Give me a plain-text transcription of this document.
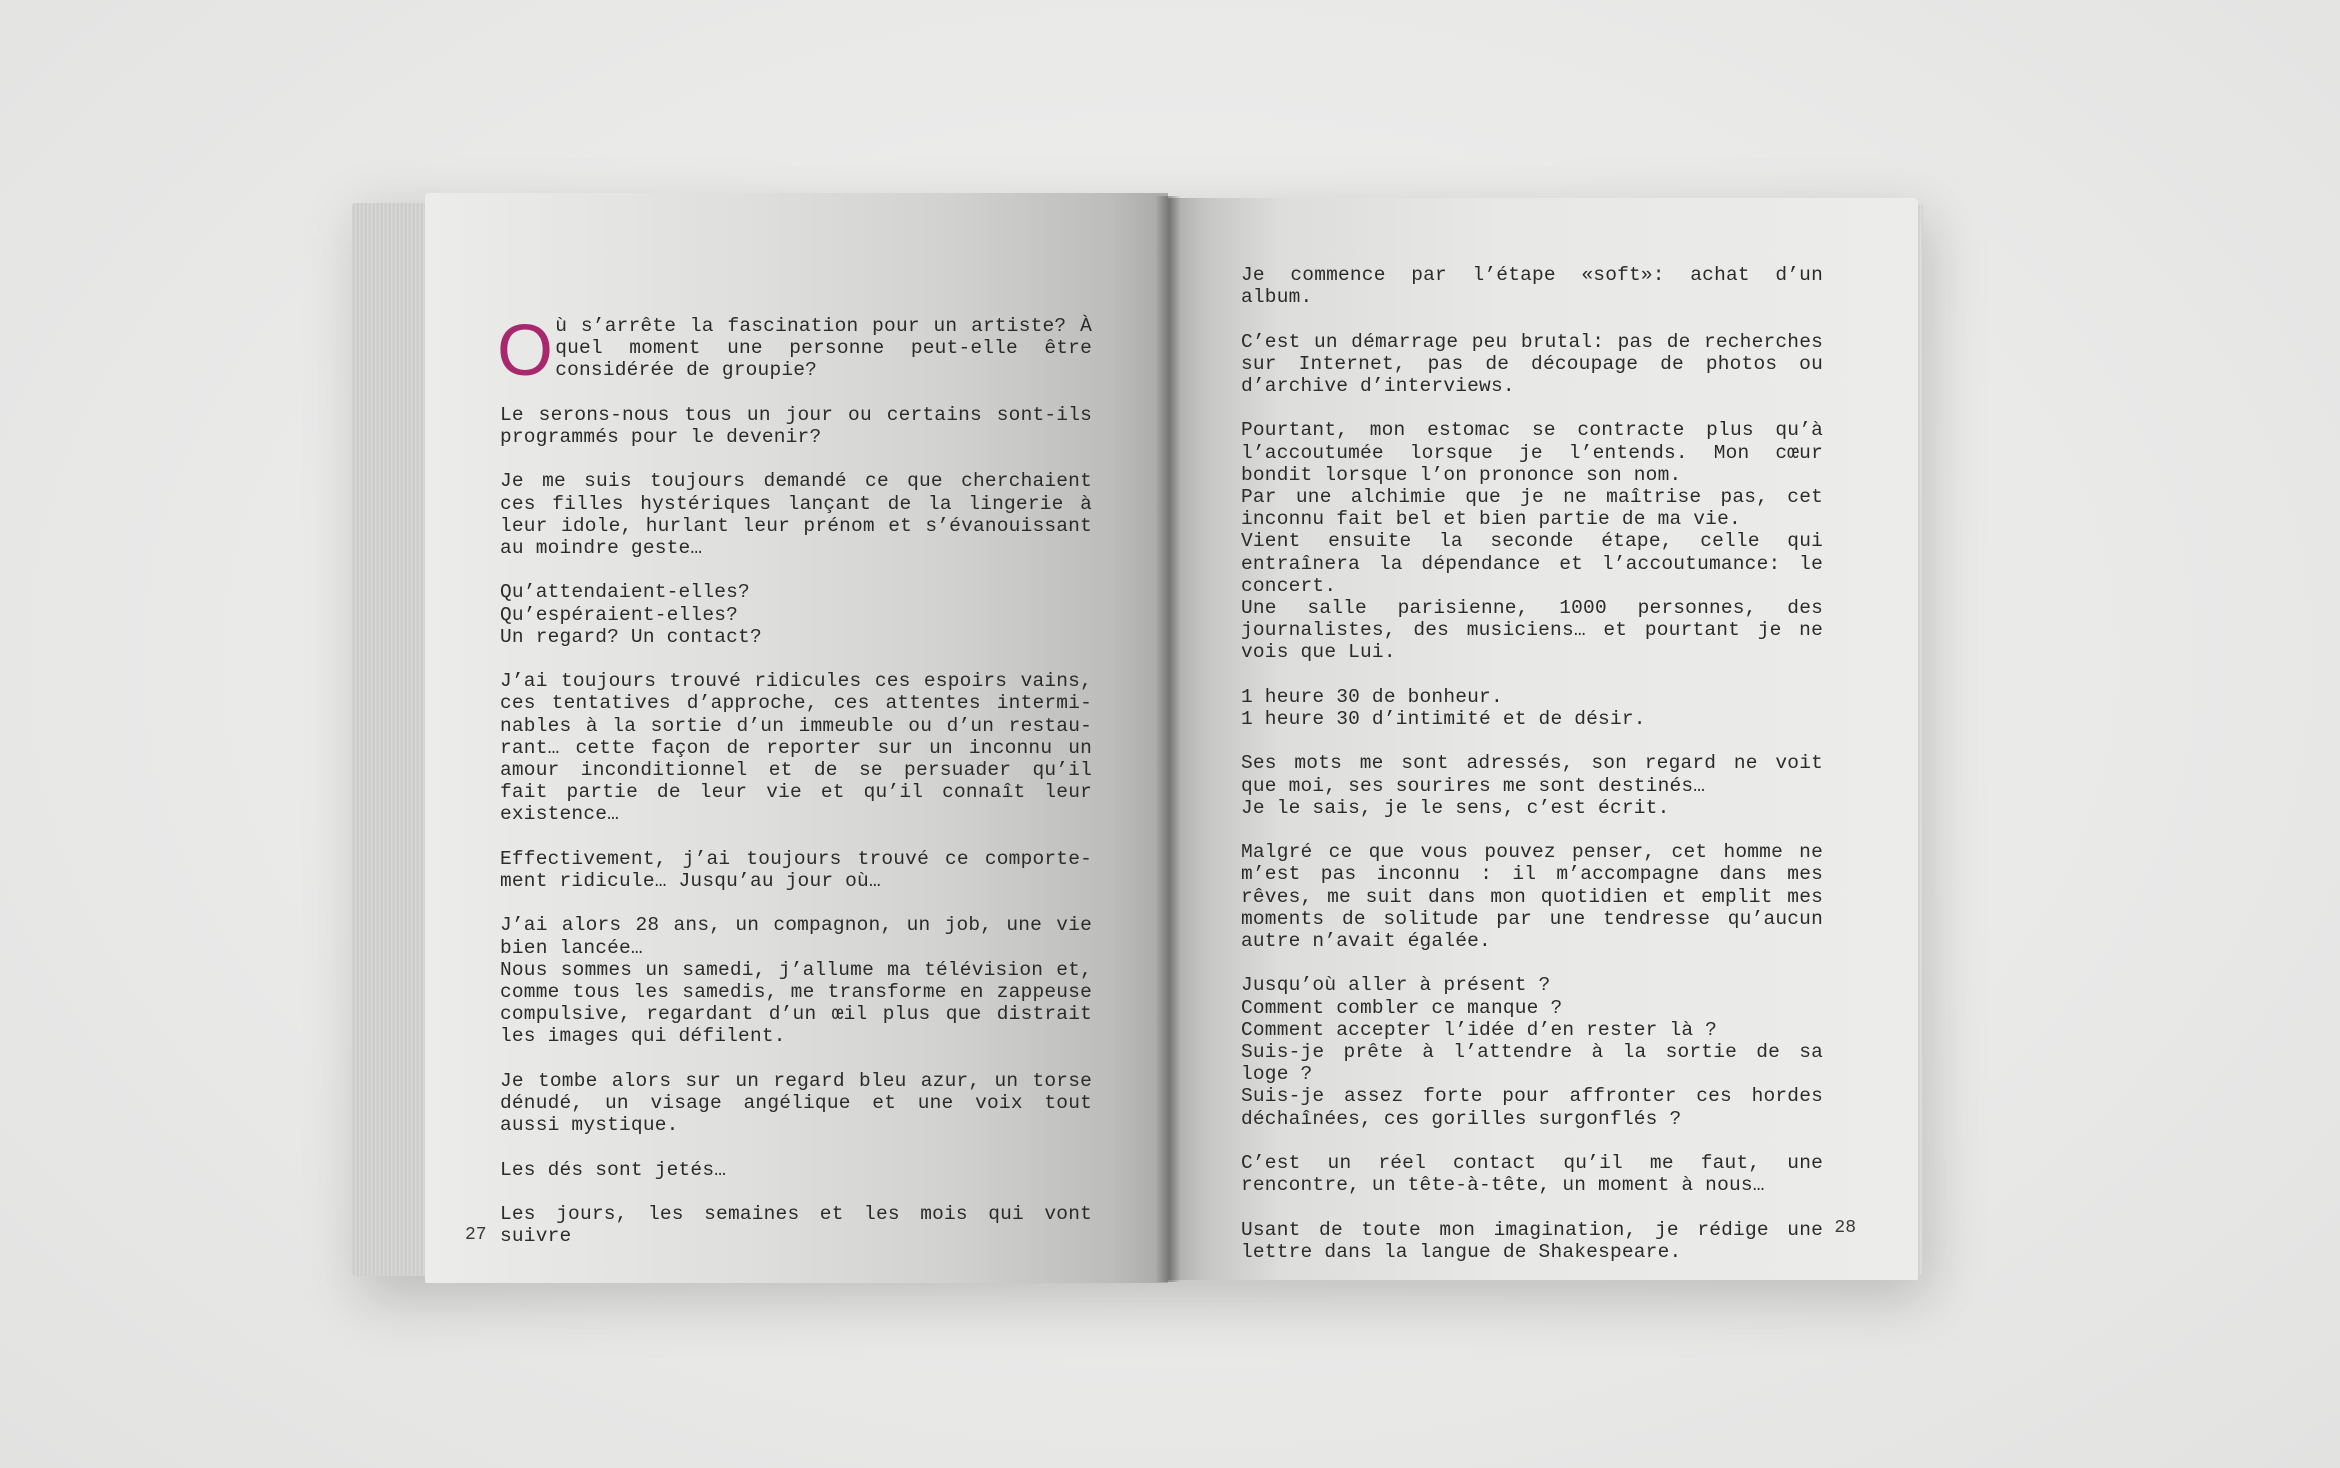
Où s’arrête la fascination pour un artiste? À quel moment une personne peut-elle être considérée de groupie?

Le serons-nous tous un jour ou certains sont-ils programmés pour le devenir?

Je me suis toujours demandé ce que cherchaient ces filles hystériques lançant de la lingerie à leur idole, hurlant leur prénom et s’évanouissant au moindre geste…

Qu’attendaient-elles?
Qu’espéraient-elles?
Un regard? Un contact?

J’ai toujours trouvé ridicules ces espoirs vains, ces tentatives d’approche, ces attentes intermi-nables à la sortie d’un immeuble ou d’un restau-rant… cette façon de reporter sur un inconnu un amour inconditionnel et de se persuader qu’il fait partie de leur vie et qu’il connaît leur existence…

Effectivement, j’ai toujours trouvé ce comporte-ment ridicule… Jusqu’au jour où…

J’ai alors 28 ans, un compagnon, un job, une vie bien lancée…
Nous sommes un samedi, j’allume ma télévision et, comme tous les samedis, me transforme en zappeuse compulsive, regardant d’un œil plus que distrait les images qui défilent.

Je tombe alors sur un regard bleu azur, un torse dénudé, un visage angélique et une voix tout aussi mystique.

Les dés sont jetés…

Les jours, les semaines et les mois qui vont suivre

27

Je commence par l’étape «soft»: achat d’un album.

C’est un démarrage peu brutal: pas de recherches sur Internet, pas de découpage de photos ou d’archive d’interviews.

Pourtant, mon estomac se contracte plus qu’à l’accoutumée lorsque je l’entends. Mon cœur bondit lorsque l’on prononce son nom.
Par une alchimie que je ne maîtrise pas, cet inconnu fait bel et bien partie de ma vie.
Vient ensuite la seconde étape, celle qui entraînera la dépendance et l’accoutumance: le concert.
Une salle parisienne, 1000 personnes, des journalistes, des musiciens… et pourtant je ne vois que Lui.

1 heure 30 de bonheur.
1 heure 30 d’intimité et de désir.

Ses mots me sont adressés, son regard ne voit que moi, ses sourires me sont destinés…
Je le sais, je le sens, c’est écrit.

Malgré ce que vous pouvez penser, cet homme ne m’est pas inconnu : il m’accompagne dans mes rêves, me suit dans mon quotidien et emplit mes moments de solitude par une tendresse qu’aucun autre n’avait égalée.

Jusqu’où aller à présent ?
Comment combler ce manque ?
Comment accepter l’idée d’en rester là ?
Suis-je prête à l’attendre à la sortie de sa loge ?
Suis-je assez forte pour affronter ces hordes déchaînées, ces gorilles surgonflés ?

C’est un réel contact qu’il me faut, une rencontre, un tête-à-tête, un moment à nous…

Usant de toute mon imagination, je rédige une lettre dans la langue de Shakespeare.

28
